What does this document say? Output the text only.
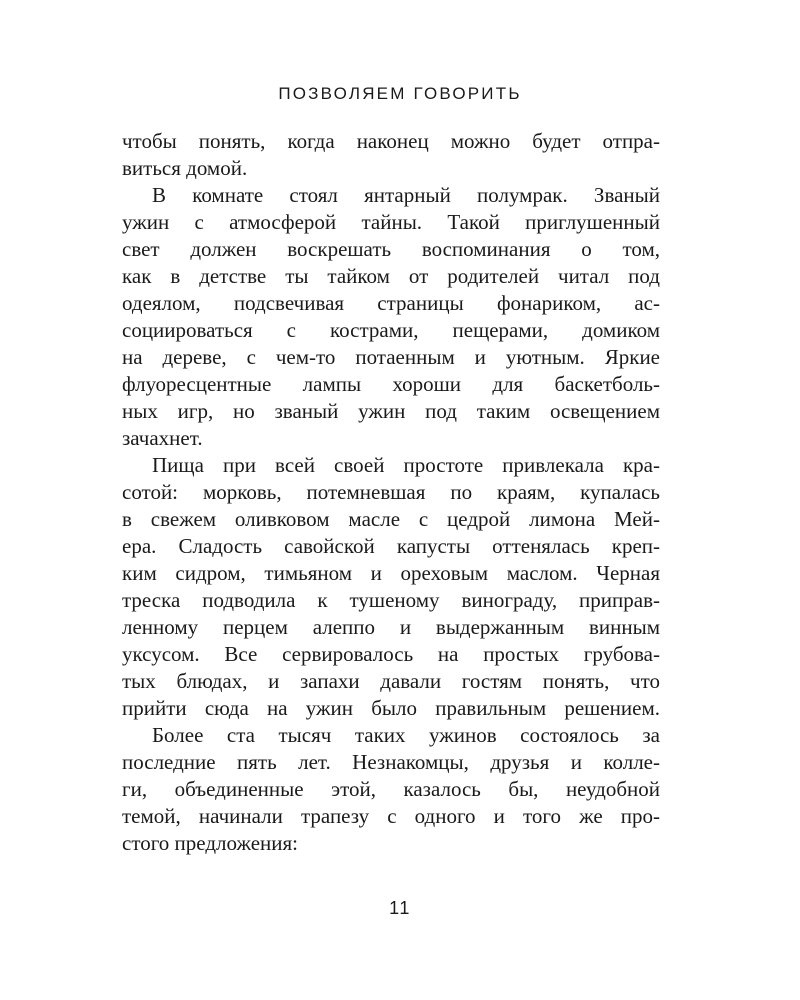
ПОЗВОЛЯЕМ ГОВОРИТЬ
чтобы понять, когда наконец можно будет отпра-
виться домой.
В комнате стоял янтарный полумрак. Званый
ужин с атмосферой тайны. Такой приглушенный
свет должен воскрешать воспоминания о том,
как в детстве ты тайком от родителей читал под
одеялом, подсвечивая страницы фонариком, ас-
социироваться с кострами, пещерами, домиком
на дереве, с чем-то потаенным и уютным. Яркие
флуоресцентные лампы хороши для баскетболь-
ных игр, но званый ужин под таким освещением
зачахнет.
Пища при всей своей простоте привлекала кра-
сотой: морковь, потемневшая по краям, купалась
в свежем оливковом масле с цедрой лимона Мей-
ера. Сладость савойской капусты оттенялась креп-
ким сидром, тимьяном и ореховым маслом. Черная
треска подводила к тушеному винограду, приправ-
ленному перцем алеппо и выдержанным винным
уксусом. Все сервировалось на простых грубова-
тых блюдах, и запахи давали гостям понять, что
прийти сюда на ужин было правильным решением.
Более ста тысяч таких ужинов состоялось за
последние пять лет. Незнакомцы, друзья и колле-
ги, объединенные этой, казалось бы, неудобной
темой, начинали трапезу с одного и того же про-
стого предложения:
11
